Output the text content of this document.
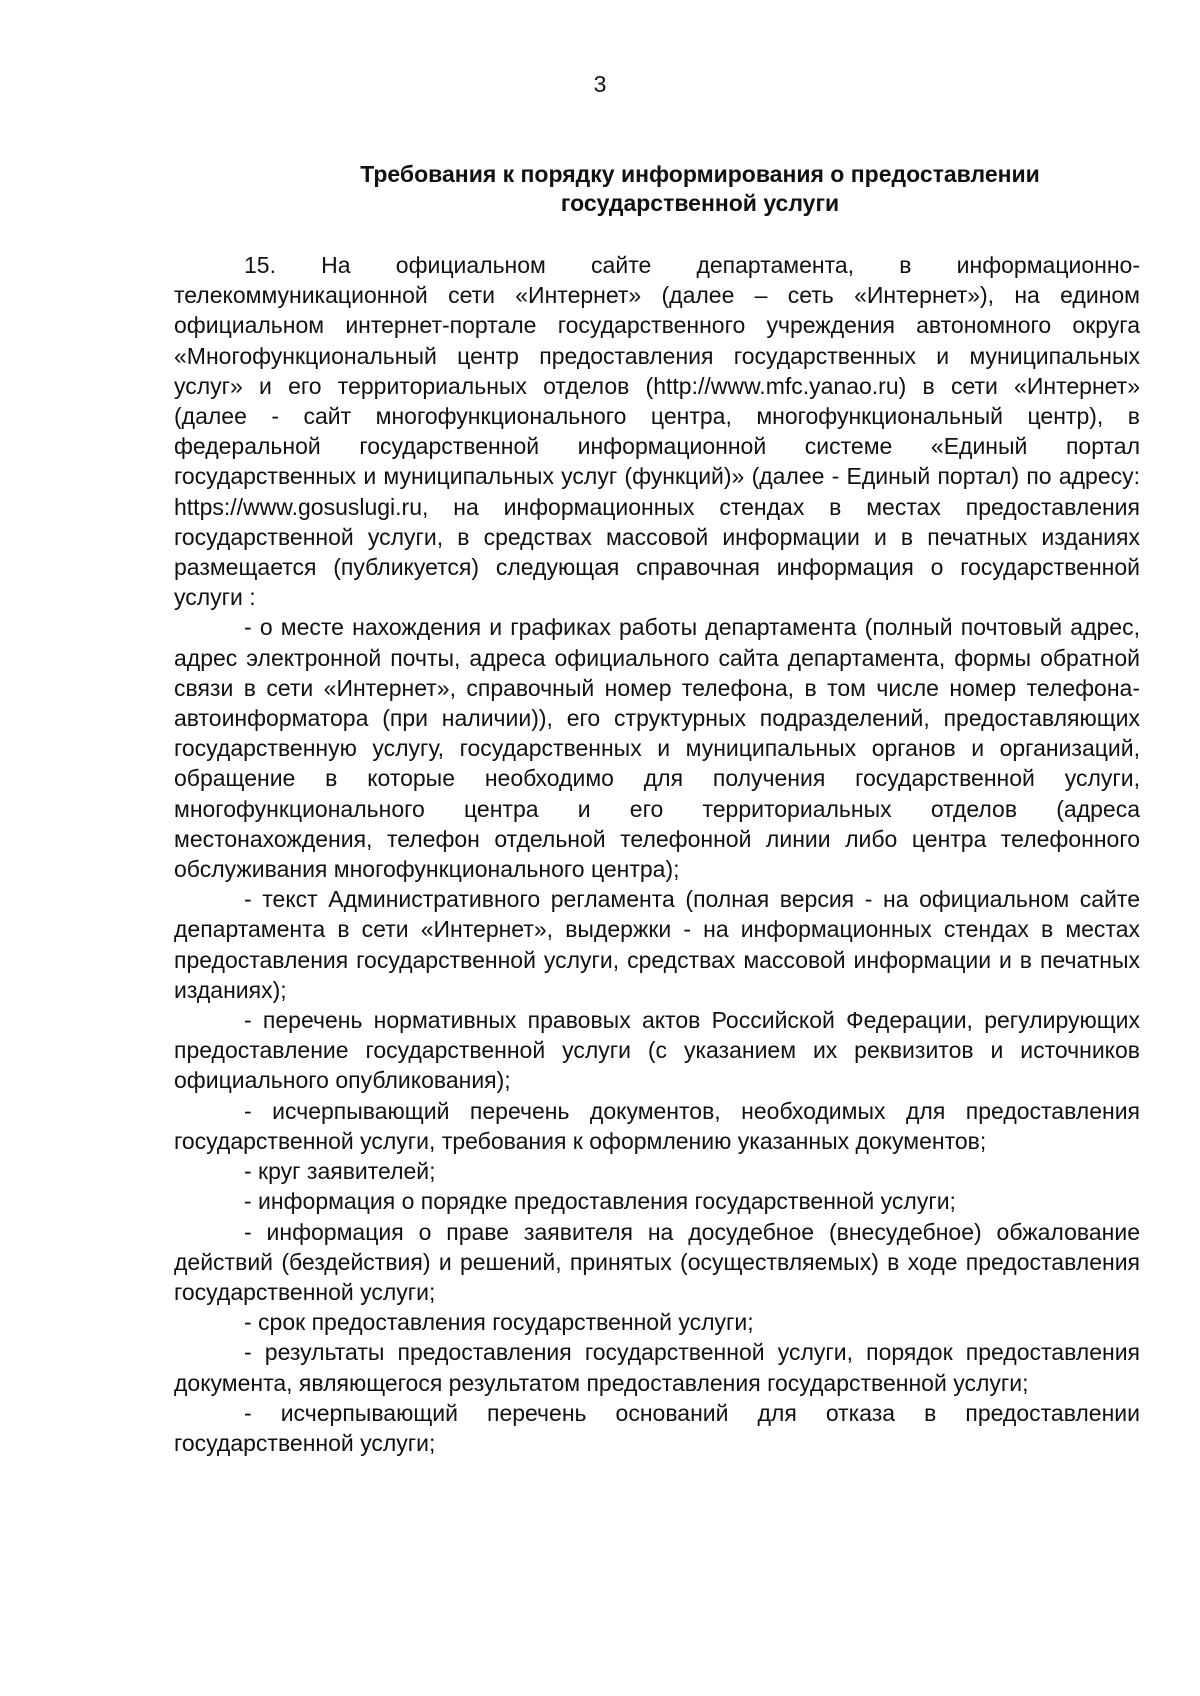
3
Требования к порядку информирования о предоставлении
государственной услуги

15. На официальном сайте департамента, в информационно-телекоммуникационной сети «Интернет» (далее – сеть «Интернет»), на едином официальном интернет-портале государственного учреждения автономного округа «Многофункциональный центр предоставления государственных и муниципальных услуг» и его территориальных отделов (http://www.mfc.yanao.ru) в сети «Интернет» (далее - сайт многофункционального центра, многофункциональный центр), в федеральной государственной информационной системе «Единый портал государственных и муниципальных услуг (функций)» (далее - Единый портал) по адресу: https://www.gosuslugi.ru, на информационных стендах в местах предоставления государственной услуги, в средствах массовой информации и в печатных изданиях размещается (публикуется) следующая справочная информация о государственной услуги :

- о месте нахождения и графиках работы департамента (полный почтовый адрес, адрес электронной почты, адреса официального сайта департамента, формы обратной связи в сети «Интернет», справочный номер телефона, в том числе номер телефона-автоинформатора (при наличии)), его структурных подразделений, предоставляющих государственную услугу, государственных и муниципальных органов и организаций, обращение в которые необходимо для получения государственной услуги, многофункционального центра и его территориальных отделов (адреса местонахождения, телефон отдельной телефонной линии либо центра телефонного обслуживания многофункционального центра);

- текст Административного регламента (полная версия - на официальном сайте департамента в сети «Интернет», выдержки - на информационных стендах в местах предоставления государственной услуги, средствах массовой информации и в печатных изданиях);

- перечень нормативных правовых актов Российской Федерации, регулирующих предоставление государственной услуги (с указанием их реквизитов и источников официального опубликования);

- исчерпывающий перечень документов, необходимых для предоставления государственной услуги, требования к оформлению указанных документов;

- круг заявителей;

- информация о порядке предоставления государственной услуги;

- информация о праве заявителя на досудебное (внесудебное) обжалование действий (бездействия) и решений, принятых (осуществляемых) в ходе предоставления государственной услуги;

- срок предоставления государственной услуги;

- результаты предоставления государственной услуги, порядок предоставления документа, являющегося результатом предоставления государственной услуги;

- исчерпывающий перечень оснований для отказа в предоставлении государственной услуги;
